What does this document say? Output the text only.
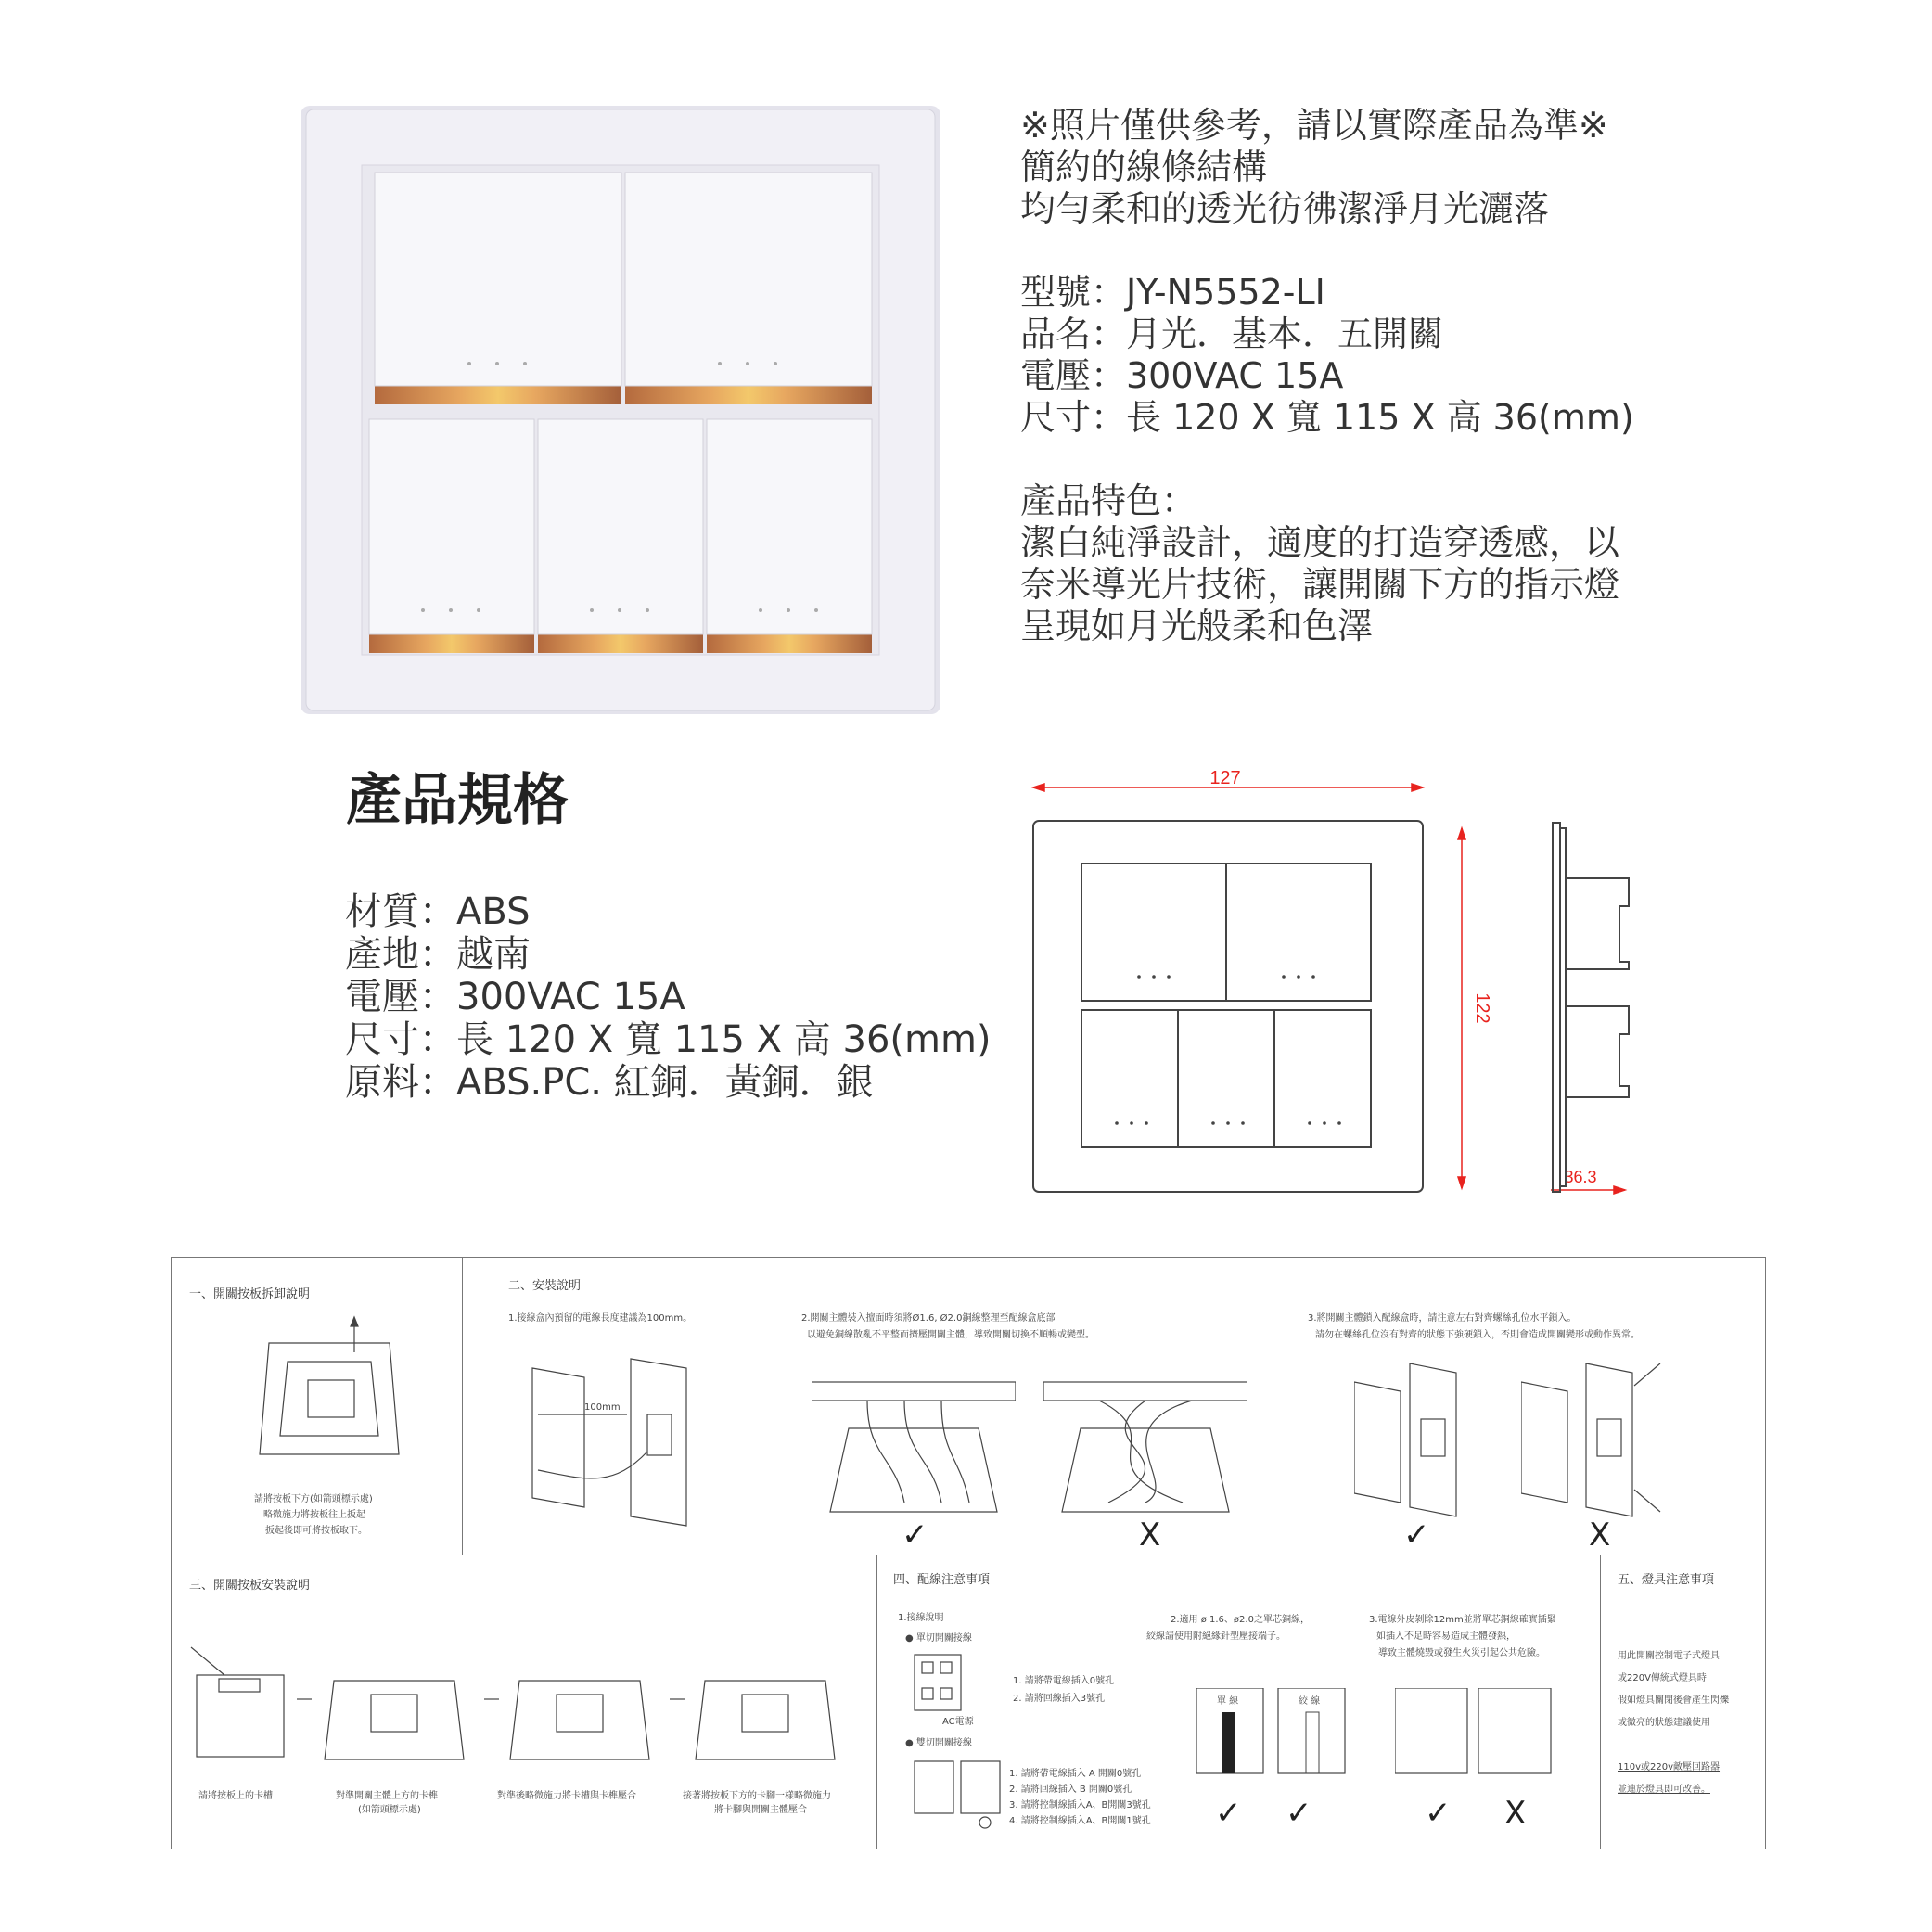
※照片僅供參考，請以實際產品為準※
簡約的線條結構
均勻柔和的透光彷彿潔淨月光灑落
型號：JY-N5552-LI
品名：月光．基本．五開關
電壓：300VAC 15A
尺寸：長 120 X 寬 115 X 高 36(mm)
產品特色：
潔白純淨設計，適度的打造穿透感，以
奈米導光片技術，讓開關下方的指示燈
呈現如月光般柔和色澤
產品規格
材質：ABS
產地：越南
電壓：300VAC 15A
尺寸：長 120 X 寬 115 X 高 36(mm)
原料：ABS.PC. 紅銅．黃銅．銀
127
122
36.3
一、開關按板拆卸說明
請將按板下方(如箭頭標示處)
略微施力將按板往上扳起
扳起後即可將按板取下。
二、安裝說明
1.接線盒內預留的電線長度建議為100mm。
100mm
2.開關主體裝入擅面時須將Ø1.6, Ø2.0銅線整理至配線盒底部
以避免銅線散亂不平整而擠壓開關主體，導致開關切換不順暢或變型。
✓	X
3.將開關主體鎖入配線盒時，請注意左右對齊螺絲孔位水平鎖入。
請勿在螺絲孔位沒有對齊的狀態下強硬鎖入，否則會造成開關變形或動作異常。
✓	X
三、開關按板安裝說明
請將按板上的卡槽	對準開關主體上方的卡榫
(如箭頭標示處)
對準後略微施力將卡槽與卡榫壓合	接著將按板下方的卡腳一樣略微施力
將卡腳與開關主體壓合
四、配線注意事項
1.接線說明
● 單切開關接線
AC電源
1. 請將帶電線插入0號孔
2. 請將回線插入3號孔
● 雙切開關接線
1. 請將帶電線插入 A 開關0號孔
2. 請將回線插入 B 開關0號孔
3. 請將控制線插入A、B開關3號孔
4. 請將控制線插入A、B開關1號孔
2.適用 ø 1.6、ø2.0之單芯銅線，
絞線請使用附絕緣針型壓接端子。
單 線	絞 線
✓ ✓
3.電線外皮剝除12mm並將單芯銅線確實插緊
如插入不足時容易造成主體發熱，
導致主體燒毀或發生火災引起公共危險。
✓ X
五、燈具注意事項
用此開關控制電子式燈具
或220V傳統式燈具時
假如燈具關閉後會產生閃爍
或微亮的狀態建議使用
110v或220v敵壓回路器
並連於燈具即可改善。
